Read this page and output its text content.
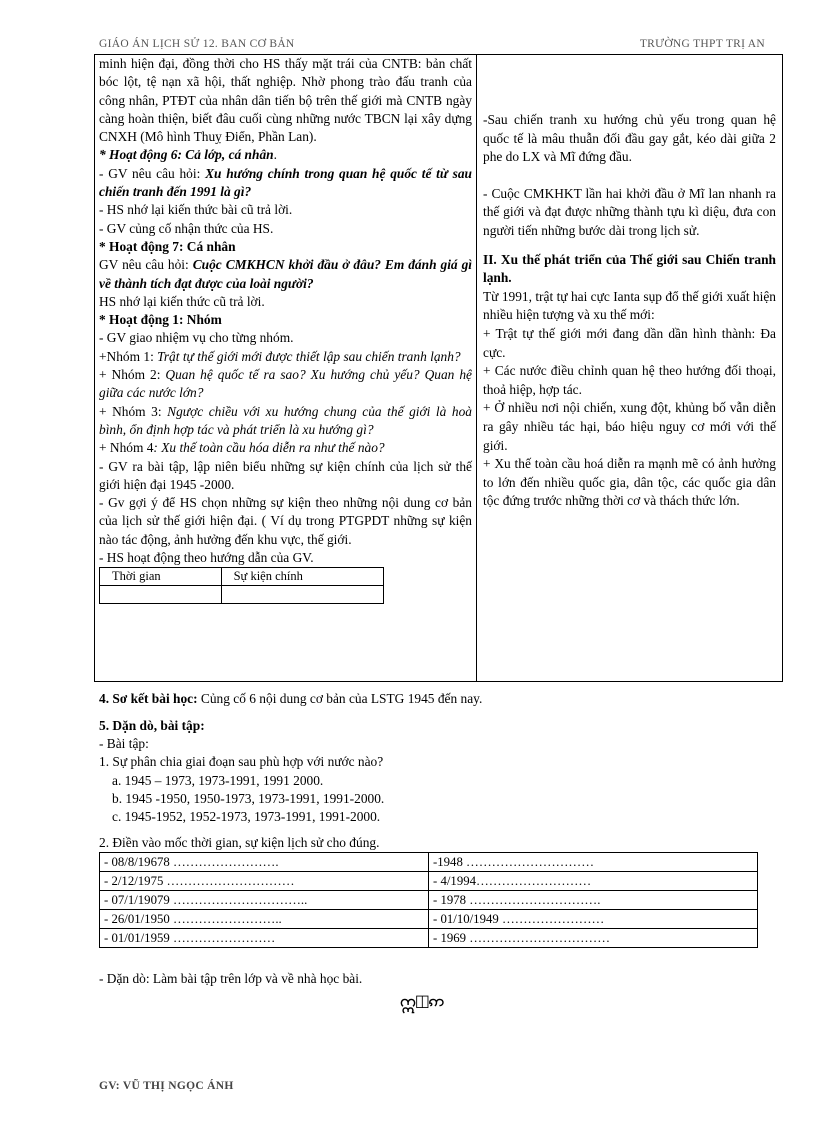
GIÁO ÁN LỊCH SỬ 12. BAN CƠ BẢN	TRƯỜNG THPT TRỊ AN

minh hiện đại, đồng thời cho HS thấy mặt trái của CNTB: bản chất bóc lột, tệ nạn xã hội, thất nghiệp. Nhờ phong trào đấu tranh của công nhân, PTĐT của nhân dân tiến bộ trên thế giới mà CNTB ngày càng hoàn thiện, biết đâu cuối cùng những nước TBCN lại xây dựng CNXH (Mô hình Thuỵ Điển, Phần Lan).

* Hoạt động 6: Cả lớp, cá nhân.

- GV nêu câu hỏi: Xu hướng chính trong quan hệ quốc tế từ sau chiến tranh đến 1991 là gì?

- HS nhớ lại kiến thức bài cũ trả lời.

- GV củng cố nhận thức của HS.

* Hoạt động 7: Cá nhân

GV nêu câu hỏi: Cuộc CMKHCN khởi đầu ở đâu? Em đánh giá gì về thành tích đạt được của loài người?

HS nhớ lại kiến thức cũ trả lời.

* Hoạt động 1: Nhóm

- GV giao nhiệm vụ cho từng nhóm.

+Nhóm 1: Trật tự thế giới mới được thiết lập sau chiến tranh lạnh?

+ Nhóm 2: Quan hệ quốc tế ra sao? Xu hướng chủ yếu? Quan hệ giữa các nước lớn?

+ Nhóm 3: Ngược chiều với xu hướng chung của thế giới là hoà bình, ổn định hợp tác và phát triển là xu hướng gì?

+ Nhóm 4: Xu thế toàn cầu hóa diễn ra như thế nào?

- GV ra bài tập, lập niên biểu những sự kiện chính của lịch sử thế giới hiện đại 1945 -2000.

- Gv gợi ý để HS chọn những sự kiện theo những nội dung cơ bản của lịch sử thế giới hiện đại. ( Ví dụ trong PTGPDT những sự kiện nào tác động, ảnh hưởng đến khu vực, thế giới.

- HS hoạt động theo hướng dẫn của GV.

Thời gian	Sự kiện chính

-Sau chiến tranh xu hướng chủ yếu trong quan hệ quốc tế là mâu thuẫn đối đầu gay gắt, kéo dài giữa 2 phe do LX và Mĩ đứng đầu.

- Cuộc CMKHKT lần hai khởi đầu ở Mĩ lan nhanh ra thế giới và đạt được những thành tựu kì diệu, đưa con người tiến những bước dài trong lịch sử.

II. Xu thế phát triển của Thế giới sau Chiến tranh lạnh.

Từ 1991, trật tự hai cực Ianta sụp đổ thế giới xuất hiện nhiều hiện tượng và xu thế mới:

+ Trật tự thế giới mới đang dần dần hình thành: Đa cực.

+ Các nước điều chỉnh quan hệ theo hướng đối thoại, thoả hiệp, hợp tác.

+ Ở nhiều nơi nội chiến, xung đột, khủng bố vẫn diễn ra gây nhiều tác hại, báo hiệu nguy cơ mới với thế giới.

+ Xu thế toàn cầu hoá diễn ra mạnh mẽ có ảnh hưởng to lớn đến nhiều quốc gia, dân tộc, các quốc gia dân tộc đứng trước những thời cơ và thách thức lớn.

4. Sơ kết bài học: Củng cố 6 nội dung cơ bản của LSTG 1945 đến nay.

5. Dặn dò, bài tập:

- Bài tập:

1. Sự phân chia giai đoạn sau phù hợp với nước nào?

a. 1945 – 1973, 1973-1991, 1991 2000.

b. 1945 -1950, 1950-1973, 1973-1991, 1991-2000.

c. 1945-1952, 1952-1973, 1973-1991, 1991-2000.

2. Điền vào mốc thời gian, sự kiện lịch sử cho đúng.

- 08/8/19678 …………………….	-1948 …………………………
- 2/12/1975 …………………………	- 4/1994………………………
- 07/1/19079 …………………………..	- 1978 ………………………….
- 26/01/1950 ……………………..	- 01/10/1949 ……………………
- 01/01/1959 ……………………	- 1969 ……………………………

- Dặn dò: Làm bài tập trên lớp và về nhà học bài.

ဣ◫ဢ
GV: VŨ THỊ NGỌC ÁNH
